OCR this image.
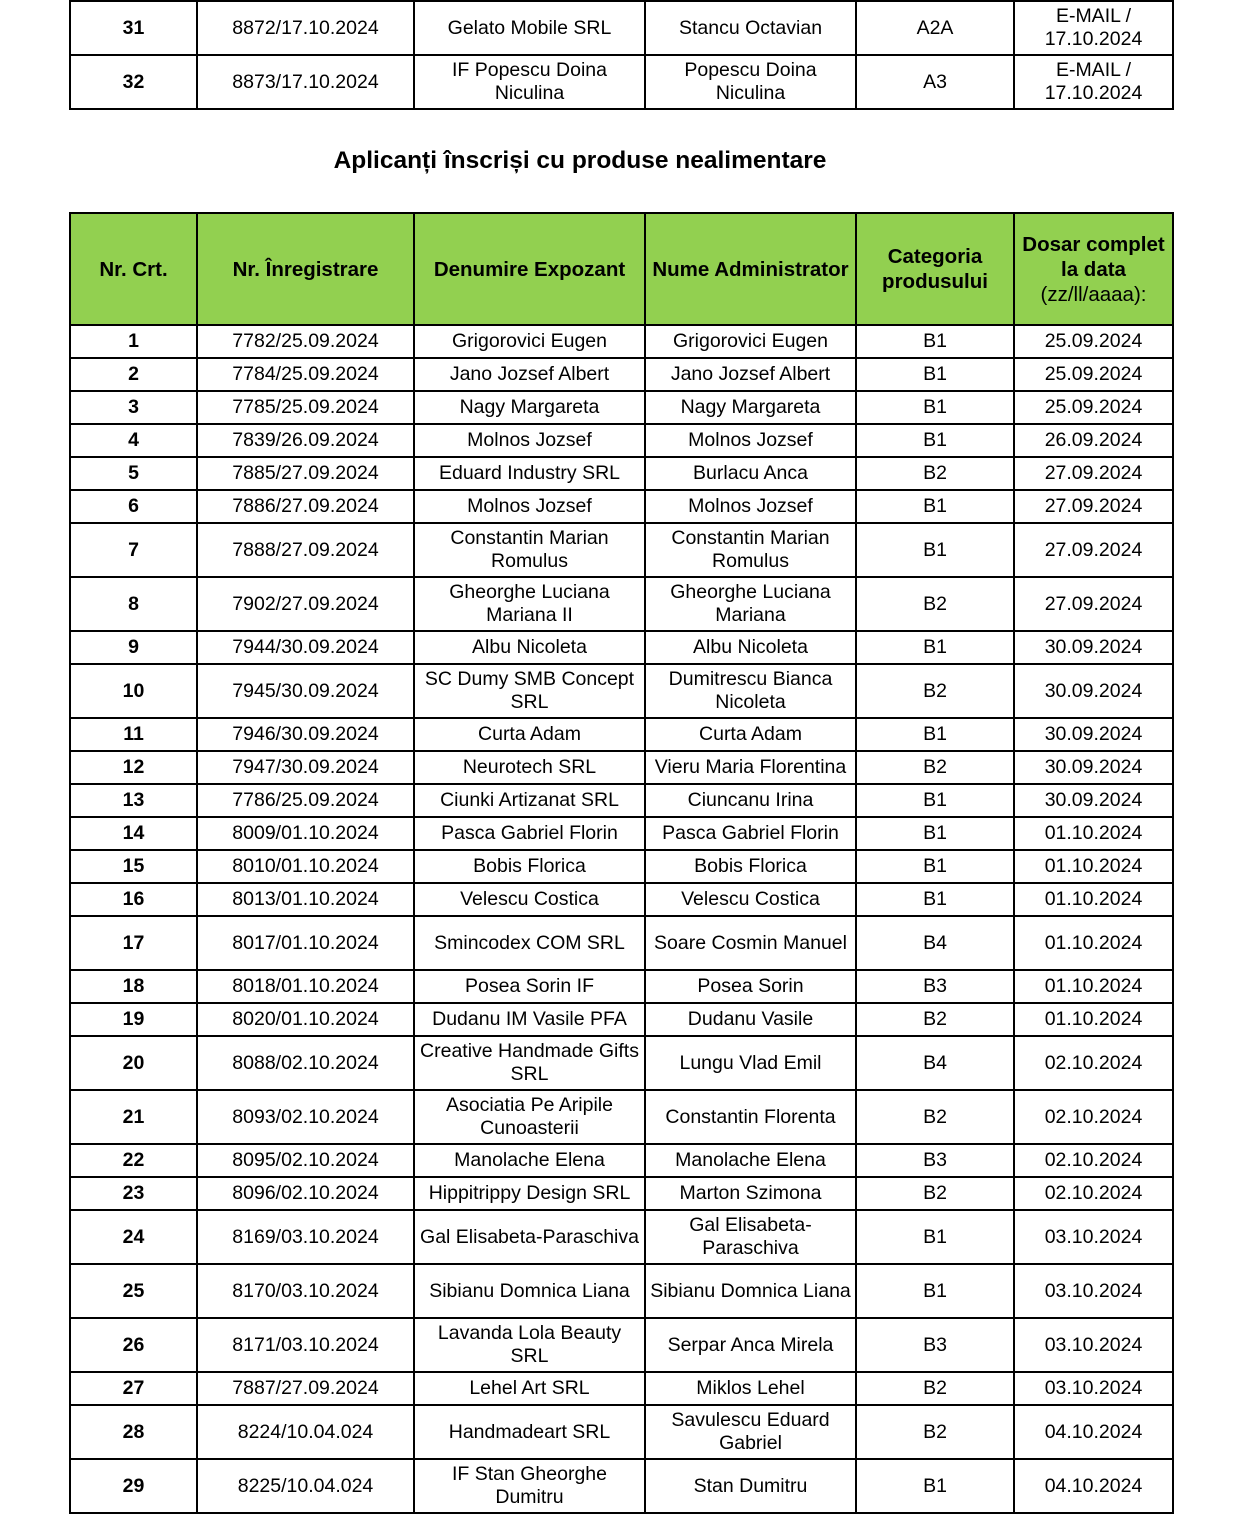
31	8872/17.10.2024	Gelato Mobile SRL	Stancu Octavian	A2A	E-MAIL /
17.10.2024
32	8873/17.10.2024	IF Popescu Doina Niculina	Popescu Doina Niculina	A3	E-MAIL /
17.10.2024
Aplicanți înscriși cu produse nealimentare
Nr. Crt.	Nr. Înregistrare	Denumire Expozant	Nume Administrator	Categoria produsului	Dosar complet la data
(zz/ll/aaaa):
1	7782/25.09.2024	Grigorovici Eugen	Grigorovici Eugen	B1	25.09.2024
2	7784/25.09.2024	Jano Jozsef Albert	Jano Jozsef Albert	B1	25.09.2024
3	7785/25.09.2024	Nagy Margareta	Nagy Margareta	B1	25.09.2024
4	7839/26.09.2024	Molnos Jozsef	Molnos Jozsef	B1	26.09.2024
5	7885/27.09.2024	Eduard Industry SRL	Burlacu Anca	B2	27.09.2024
6	7886/27.09.2024	Molnos Jozsef	Molnos Jozsef	B1	27.09.2024
7	7888/27.09.2024	Constantin Marian Romulus	Constantin Marian Romulus	B1	27.09.2024
8	7902/27.09.2024	Gheorghe Luciana Mariana II	Gheorghe Luciana Mariana	B2	27.09.2024
9	7944/30.09.2024	Albu Nicoleta	Albu Nicoleta	B1	30.09.2024
10	7945/30.09.2024	SC Dumy SMB Concept SRL	Dumitrescu Bianca Nicoleta	B2	30.09.2024
11	7946/30.09.2024	Curta Adam	Curta Adam	B1	30.09.2024
12	7947/30.09.2024	Neurotech SRL	Vieru Maria Florentina	B2	30.09.2024
13	7786/25.09.2024	Ciunki Artizanat SRL	Ciuncanu Irina	B1	30.09.2024
14	8009/01.10.2024	Pasca Gabriel Florin	Pasca Gabriel Florin	B1	01.10.2024
15	8010/01.10.2024	Bobis Florica	Bobis Florica	B1	01.10.2024
16	8013/01.10.2024	Velescu Costica	Velescu Costica	B1	01.10.2024
17	8017/01.10.2024	Smincodex COM SRL	Soare Cosmin Manuel	B4	01.10.2024
18	8018/01.10.2024	Posea Sorin IF	Posea Sorin	B3	01.10.2024
19	8020/01.10.2024	Dudanu IM Vasile PFA	Dudanu Vasile	B2	01.10.2024
20	8088/02.10.2024	Creative Handmade Gifts SRL	Lungu Vlad Emil	B4	02.10.2024
21	8093/02.10.2024	Asociatia Pe Aripile Cunoasterii	Constantin Florenta	B2	02.10.2024
22	8095/02.10.2024	Manolache Elena	Manolache Elena	B3	02.10.2024
23	8096/02.10.2024	Hippitrippy Design SRL	Marton Szimona	B2	02.10.2024
24	8169/03.10.2024	Gal Elisabeta-Paraschiva	Gal Elisabeta-Paraschiva	B1	03.10.2024
25	8170/03.10.2024	Sibianu Domnica Liana	Sibianu Domnica Liana	B1	03.10.2024
26	8171/03.10.2024	Lavanda Lola Beauty SRL	Serpar Anca Mirela	B3	03.10.2024
27	7887/27.09.2024	Lehel Art SRL	Miklos Lehel	B2	03.10.2024
28	8224/10.04.024	Handmadeart SRL	Savulescu Eduard Gabriel	B2	04.10.2024
29	8225/10.04.024	IF Stan Gheorghe Dumitru	Stan Dumitru	B1	04.10.2024
